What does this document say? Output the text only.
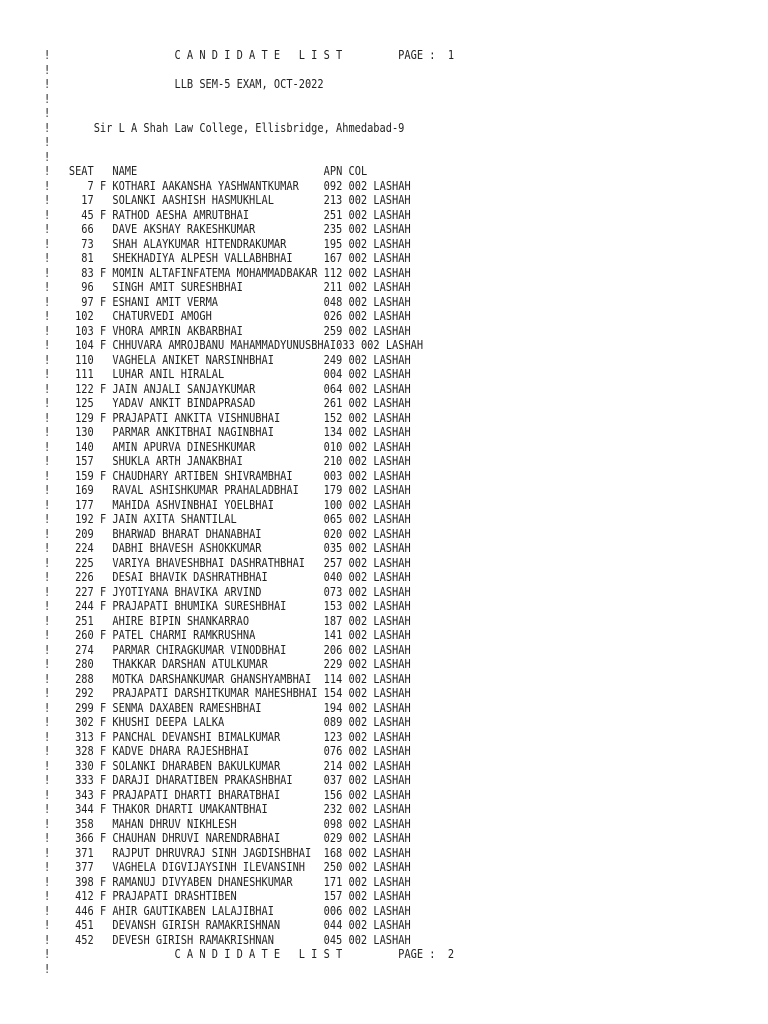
!	C A N D I D A T E   L I S T	PAGE : 1
!
!	LLB SEM-5 EXAM, OCT-2022
!
!
!	Sir L A Shah Law College, Ellisbridge, Ahmedabad-9
!
!
! SEAT NAME	APN COL
!	7 F KOTHARI AAKANSHA YASHWANTKUMAR 092 002 LASHAH
!	17 SOLANKI AASHISH HASMUKHLAL	213 002 LASHAH
!	45 F RATHOD AESHA AMRUTBHAI	251 002 LASHAH
!	66 DAVE AKSHAY RAKESHKUMAR	235 002 LASHAH
!	73 SHAH ALAYKUMAR HITENDRAKUMAR	195 002 LASHAH
!	81 SHEKHADIYA ALPESH VALLABHBHAI	167 002 LASHAH
!	83 F MOMIN ALTAFINFATEMA MOHAMMADBAKAR 112 002 LASHAH
!	96 SINGH AMIT SURESHBHAI	211 002 LASHAH
!	97 F ESHANI AMIT VERMA	048 002 LASHAH
! 102 CHATURVEDI AMOGH	026 002 LASHAH
! 103 F VHORA AMRIN AKBARBHAI	259 002 LASHAH
! 104 F CHHUVARA AMROJBANU MAHAMMADYUNUSBHAI033 002 LASHAH
! 110 VAGHELA ANIKET NARSINHBHAI	249 002 LASHAH
! 111 LUHAR ANIL HIRALAL	004 002 LASHAH
! 122 F JAIN ANJALI SANJAYKUMAR	064 002 LASHAH
! 125 YADAV ANKIT BINDAPRASAD	261 002 LASHAH
! 129 F PRAJAPATI ANKITA VISHNUBHAI	152 002 LASHAH
! 130 PARMAR ANKITBHAI NAGINBHAI	134 002 LASHAH
! 140 AMIN APURVA DINESHKUMAR	010 002 LASHAH
! 157 SHUKLA ARTH JANAKBHAI	210 002 LASHAH
! 159 F CHAUDHARY ARTIBEN SHIVRAMBHAI	003 002 LASHAH
! 169 RAVAL ASHISHKUMAR PRAHALADBHAI 179 002 LASHAH
! 177 MAHIDA ASHVINBHAI YOELBHAI	100 002 LASHAH
! 192 F JAIN AXITA SHANTILAL	065 002 LASHAH
! 209 BHARWAD BHARAT DHANABHAI	020 002 LASHAH
! 224 DABHI BHAVESH ASHOKKUMAR	035 002 LASHAH
! 225 VARIYA BHAVESHBHAI DASHRATHBHAI 257 002 LASHAH
! 226 DESAI BHAVIK DASHRATHBHAI	040 002 LASHAH
! 227 F JYOTIYANA BHAVIKA ARVIND	073 002 LASHAH
! 244 F PRAJAPATI BHUMIKA SURESHBHAI	153 002 LASHAH
! 251 AHIRE BIPIN SHANKARRAO	187 002 LASHAH
! 260 F PATEL CHARMI RAMKRUSHNA	141 002 LASHAH
! 274 PARMAR CHIRAGKUMAR VINODBHAI	206 002 LASHAH
! 280 THAKKAR DARSHAN ATULKUMAR	229 002 LASHAH
! 288 MOTKA DARSHANKUMAR GHANSHYAMBHAI 114 002 LASHAH
! 292 PRAJAPATI DARSHITKUMAR MAHESHBHAI 154 002 LASHAH
! 299 F SENMA DAXABEN RAMESHBHAI	194 002 LASHAH
! 302 F KHUSHI DEEPA LALKA	089 002 LASHAH
! 313 F PANCHAL DEVANSHI BIMALKUMAR	123 002 LASHAH
! 328 F KADVE DHARA RAJESHBHAI	076 002 LASHAH
! 330 F SOLANKI DHARABEN BAKULKUMAR	214 002 LASHAH
! 333 F DARAJI DHARATIBEN PRAKASHBHAI	037 002 LASHAH
! 343 F PRAJAPATI DHARTI BHARATBHAI	156 002 LASHAH
! 344 F THAKOR DHARTI UMAKANTBHAI	232 002 LASHAH
! 358 MAHAN DHRUV NIKHLESH	098 002 LASHAH
! 366 F CHAUHAN DHRUVI NARENDRABHAI	029 002 LASHAH
! 371 RAJPUT DHRUVRAJ SINH JAGDISHBHAI 168 002 LASHAH
! 377 VAGHELA DIGVIJAYSINH ILEVANSINH 250 002 LASHAH
! 398 F RAMANUJ DIVYABEN DHANESHKUMAR	171 002 LASHAH
! 412 F PRAJAPATI DRASHTIBEN	157 002 LASHAH
! 446 F AHIR GAUTIKABEN LALAJIBHAI	006 002 LASHAH
! 451 DEVANSH GIRISH RAMAKRISHNAN	044 002 LASHAH
! 452 DEVESH GIRISH RAMAKRISHNAN	045 002 LASHAH
!	C A N D I D A T E   L I S T	PAGE : 2
!
